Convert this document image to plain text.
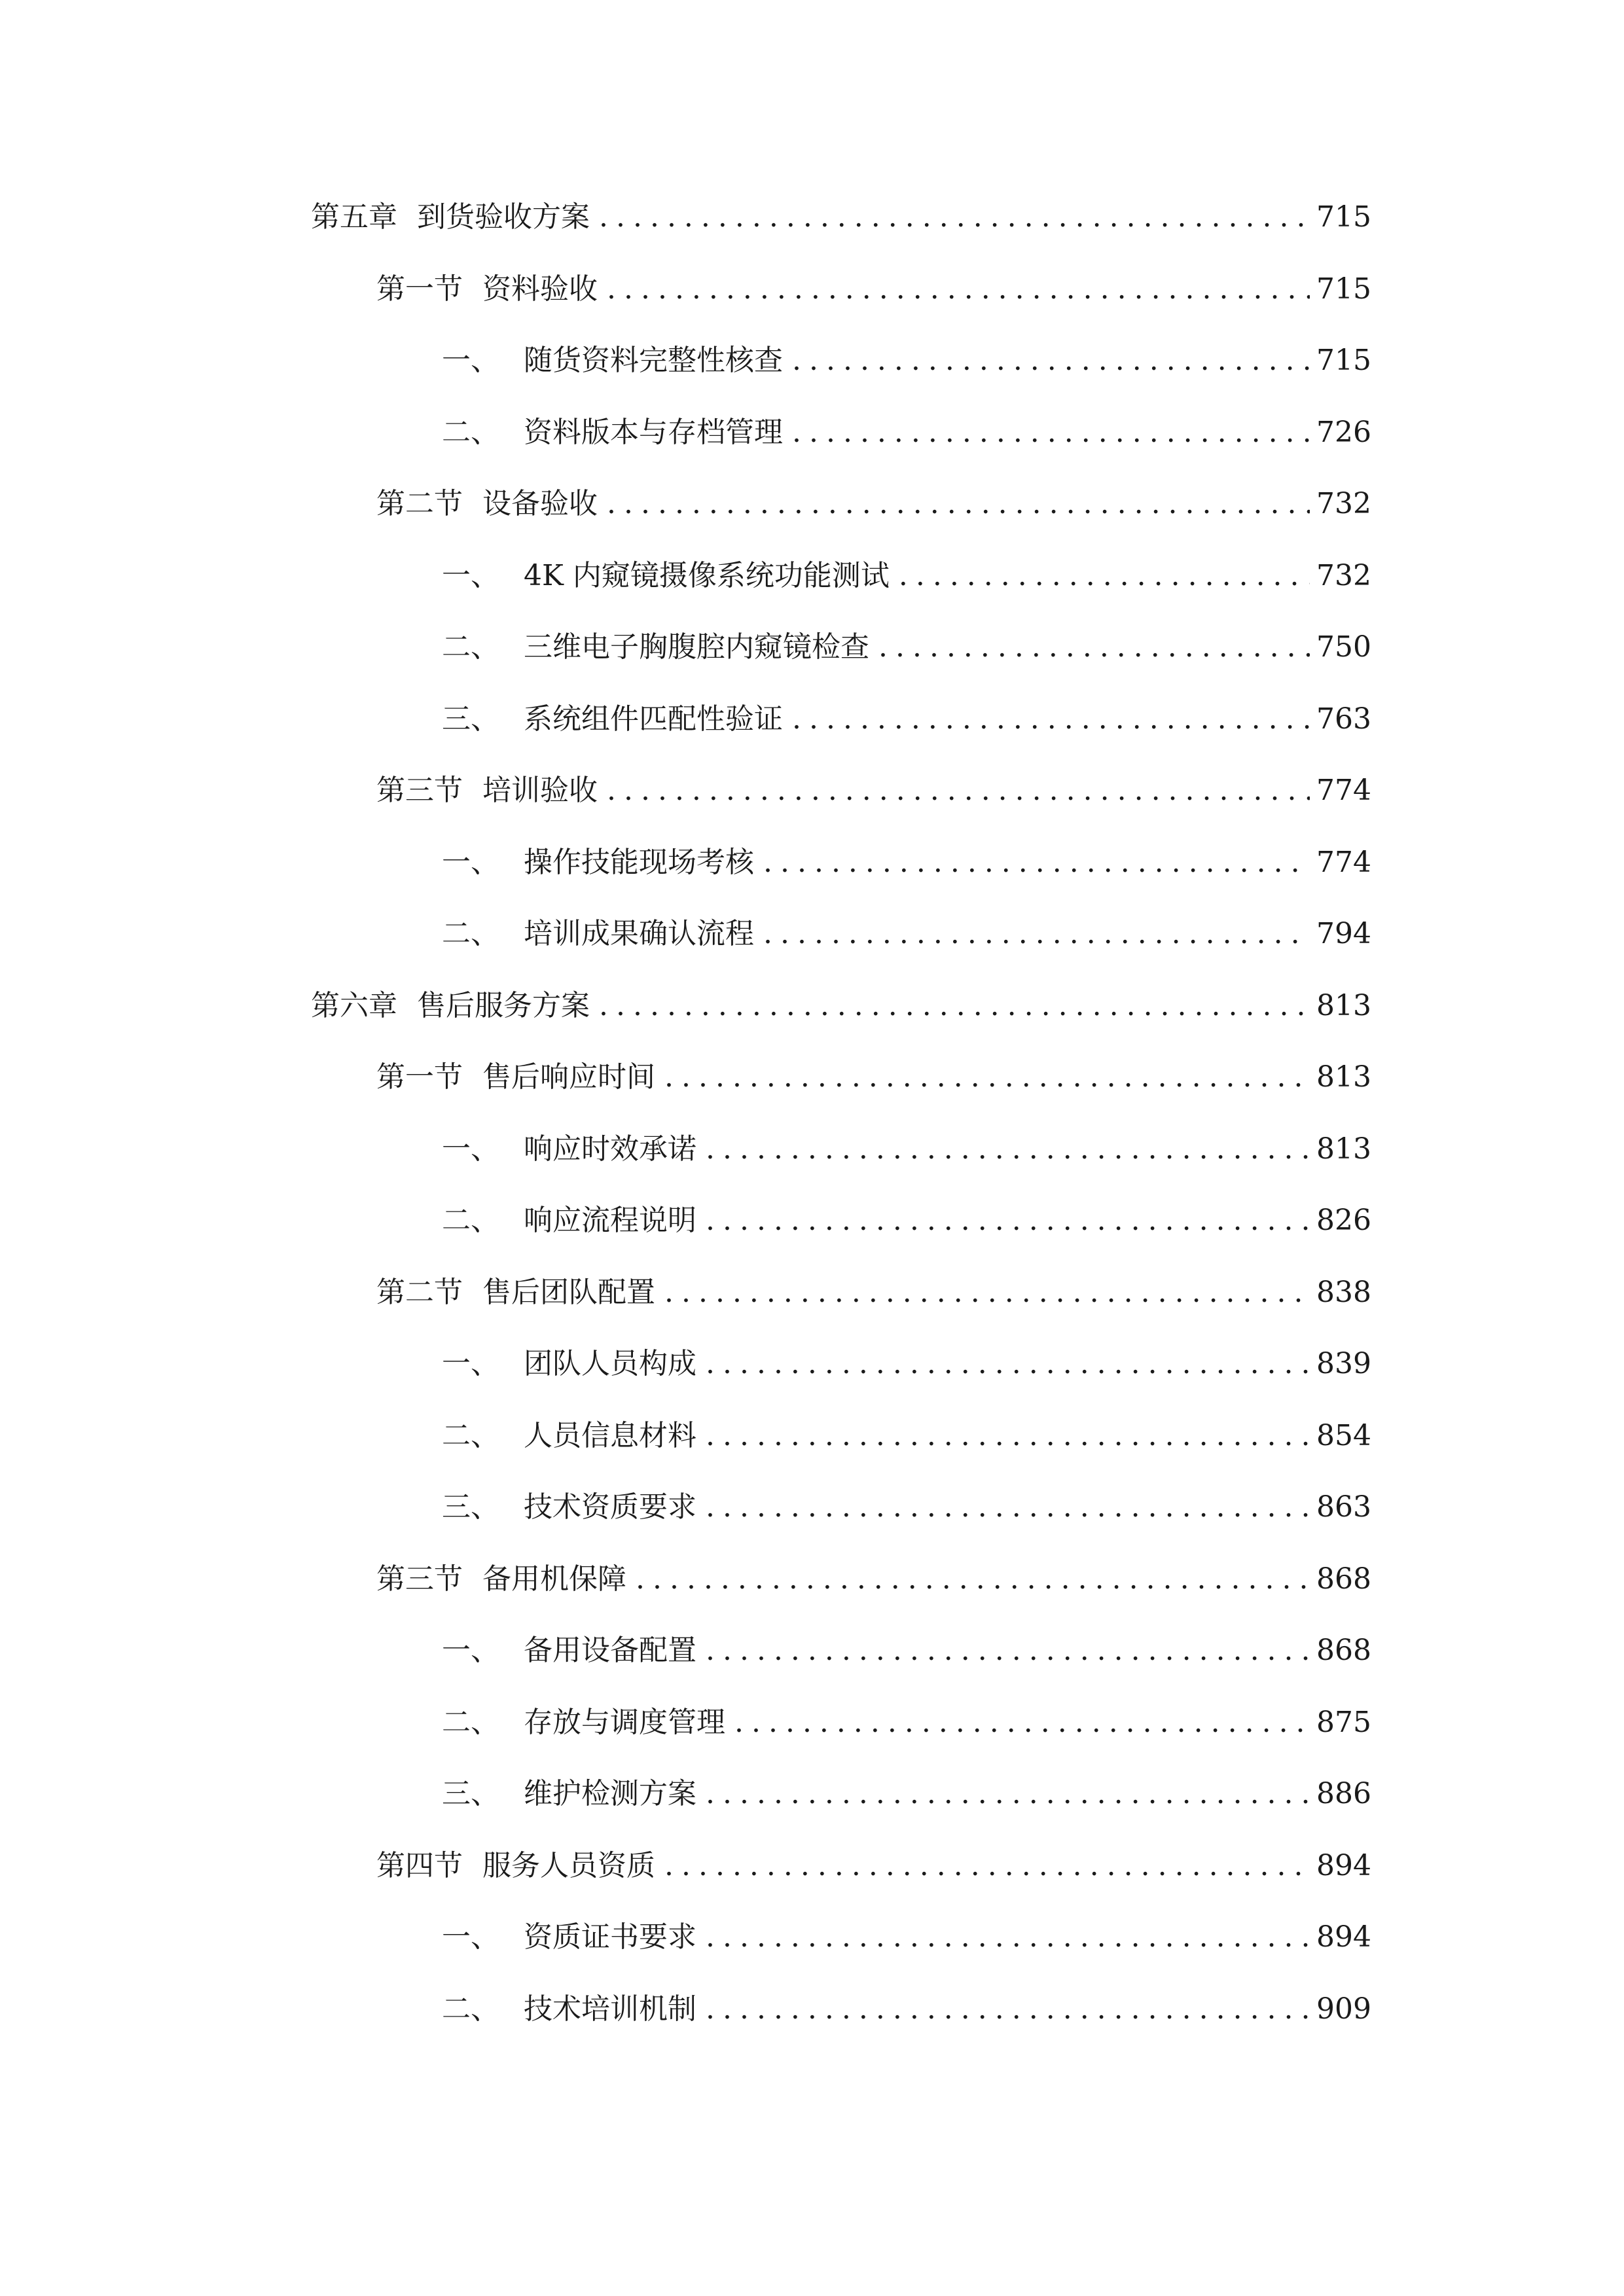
第五章 到货验收方案 .....	715
第一节 资料验收 .....	715
一、 随货资料完整性核查 .....	715
二、 资料版本与存档管理 .....	726
第二节 设备验收 .....	732
一、 4K 内窥镜摄像系统功能测试 .....	732
二、 三维电子胸腹腔内窥镜检查 .....	750
三、 系统组件匹配性验证 .....	763
第三节 培训验收 .....	774
一、 操作技能现场考核 .....	774
二、 培训成果确认流程 .....	794
第六章 售后服务方案 .....	813
第一节 售后响应时间 .....	813
一、 响应时效承诺 .....	813
二、 响应流程说明 .....	826
第二节 售后团队配置 .....	838
一、 团队人员构成 .....	839
二、 人员信息材料 .....	854
三、 技术资质要求 .....	863
第三节 备用机保障 .....	868
一、 备用设备配置 .....	868
二、 存放与调度管理 .....	875
三、 维护检测方案 .....	886
第四节 服务人员资质 .....	894
一、 资质证书要求 .....	894
二、 技术培训机制 .....	909
